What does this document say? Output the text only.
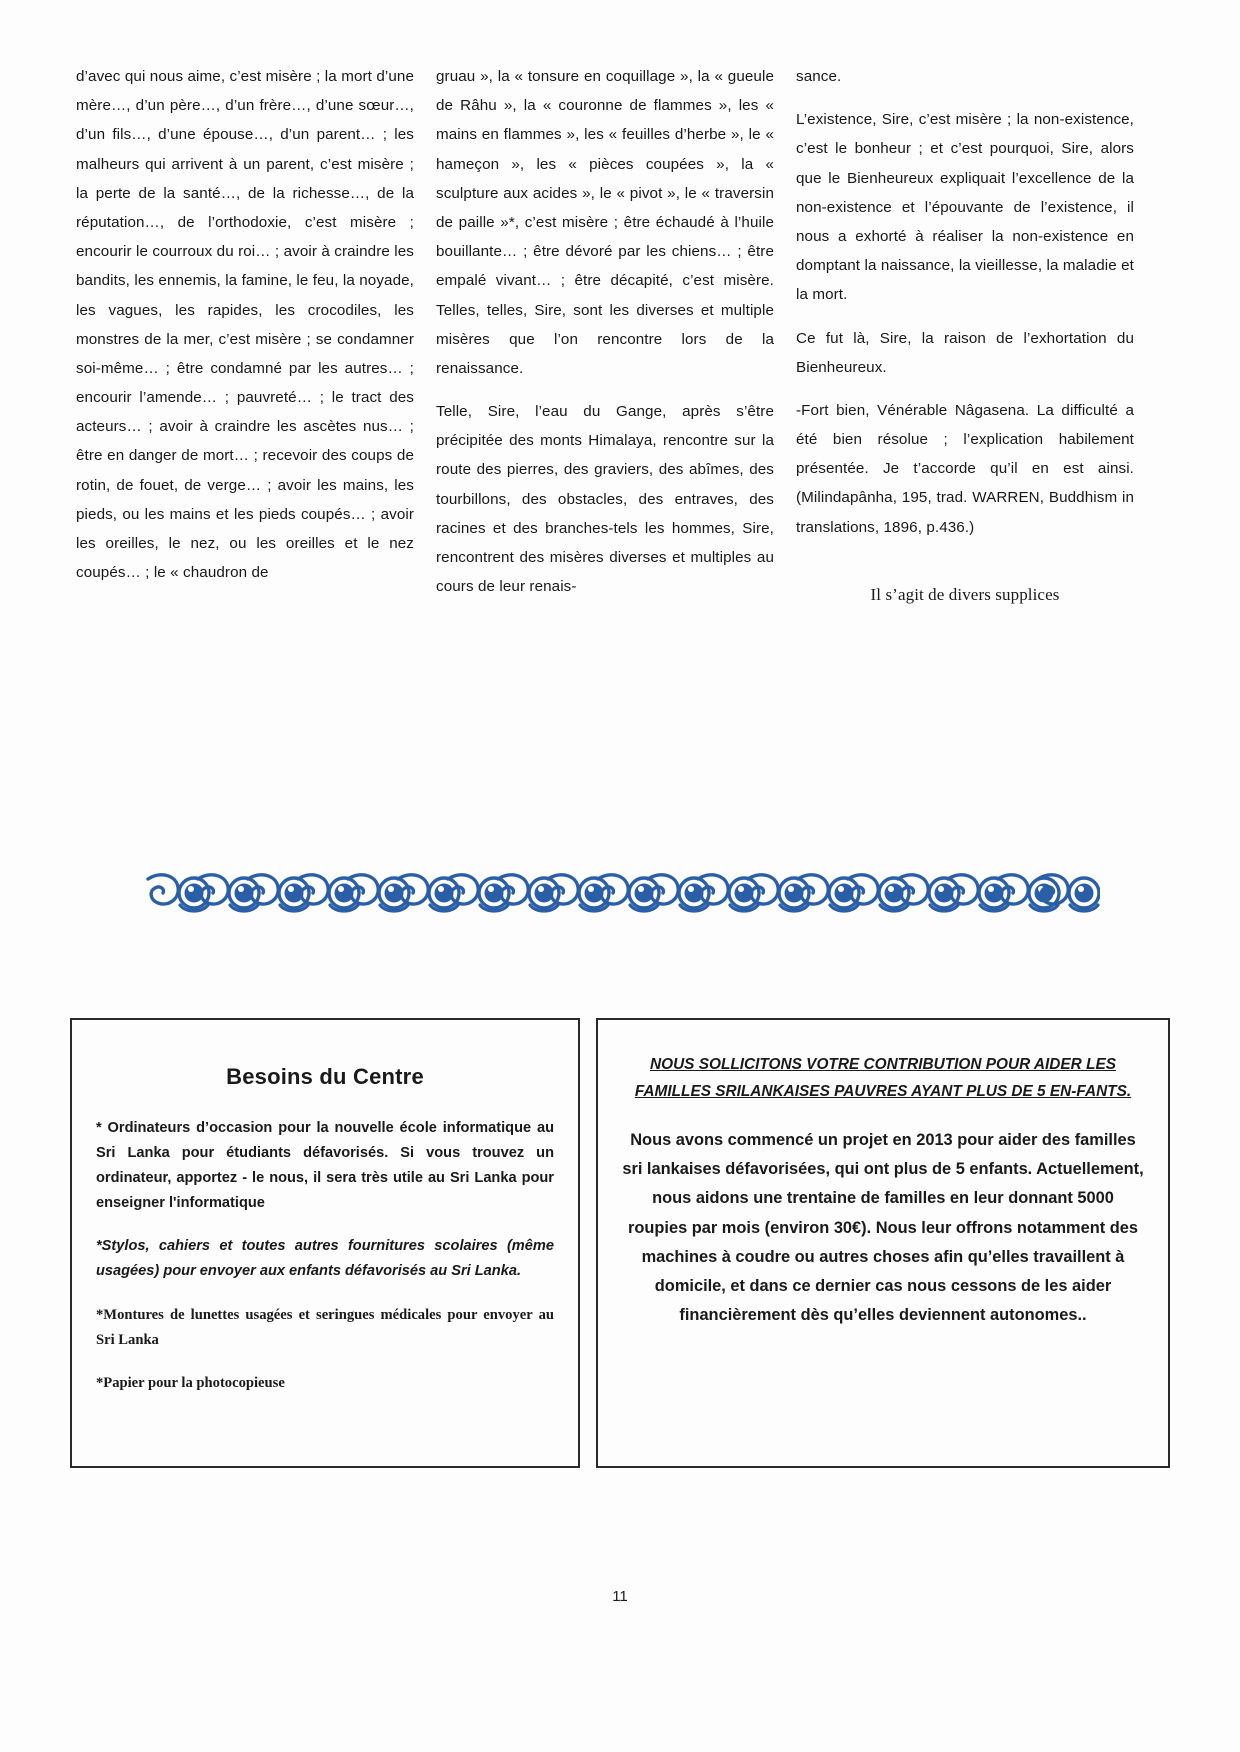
d’avec qui nous aime, c’est misère ; la mort d’une mère…, d’un père…, d’un frère…, d’une sœur…, d’un fils…, d’une épouse…, d’un parent… ; les malheurs qui arrivent à un parent, c’est misère ; la perte de la santé…, de la richesse…, de la réputation…, de l’orthodoxie, c’est misère ; encourir le courroux du roi… ; avoir à craindre les bandits, les ennemis, la famine, le feu, la noyade, les vagues, les rapides, les crocodiles, les monstres de la mer, c’est misère ; se condamner soi-même… ; être condamné par les autres… ; encourir l’amende… ; pauvreté… ; le tract des acteurs… ; avoir à craindre les ascètes nus… ; être en danger de mort… ; recevoir des coups de rotin, de fouet, de verge… ; avoir les mains, les pieds, ou les mains et les pieds coupés… ; avoir les oreilles, le nez, ou les oreilles et le nez coupés… ; le « chaudron de

gruau », la « tonsure en coquillage », la « gueule de Râhu », la « couronne de flammes », les « mains en flammes », les « feuilles d’herbe », le « hameçon », les « pièces coupées », la « sculpture aux acides », le « pivot », le « traversin de paille »*, c’est misère ; être échaudé à l’huile bouillante… ; être dévoré par les chiens… ; être empalé vivant… ; être décapité, c’est misère. Telles, telles, Sire, sont les diverses et multiple misères que l’on rencontre lors de la renaissance.

Telle, Sire, l’eau du Gange, après s’être précipitée des monts Himalaya, rencontre sur la route des pierres, des graviers, des abîmes, des tourbillons, des obstacles, des entraves, des racines et des branches-tels les hommes, Sire, rencontrent des misères diverses et multiples au cours de leur renais-

sance.

L’existence, Sire, c’est misère ; la non-existence, c’est le bonheur ; et c’est pourquoi, Sire, alors que le Bienheureux expliquait l’excellence de la non-existence et l’épouvante de l’existence, il nous a exhorté à réaliser la non-existence en domptant la naissance, la vieillesse, la maladie et la mort.

Ce fut là, Sire, la raison de l’exhortation du Bienheureux.

-Fort bien, Vénérable Nâgasena. La difficulté a été bien résolue ; l’explication habilement présentée. Je t’accorde qu’il en est ainsi. (Milindapânha, 195, trad. WARREN, Buddhism in translations, 1896, p.436.)

Il s’agit de divers supplices
Besoins du Centre

* Ordinateurs d’occasion pour la nouvelle école informatique au Sri Lanka pour étudiants défavorisés. Si vous trouvez un ordinateur, apportez - le nous, il sera très utile au Sri Lanka pour enseigner l'informatique

*Stylos, cahiers et toutes autres fournitures scolaires (même usagées) pour envoyer aux enfants défavorisés au Sri Lanka.

*Montures de lunettes usagées et seringues médicales pour envoyer au Sri Lanka

*Papier pour la photocopieuse

NOUS SOLLICITONS VOTRE CONTRIBUTION POUR AIDER LES FAMILLES SRILANKAISES PAUVRES AYANT PLUS DE 5 EN-FANTS.
Nous avons commencé un projet en 2013 pour aider des familles sri lankaises défavorisées, qui ont plus de 5 enfants. Actuellement, nous aidons une trentaine de familles en leur donnant 5000 roupies par mois (environ 30€). Nous leur offrons notamment des machines à coudre ou autres choses afin qu’elles travaillent à domicile, et dans ce dernier cas nous cessons de les aider financièrement dès qu’elles deviennent autonomes..
11
